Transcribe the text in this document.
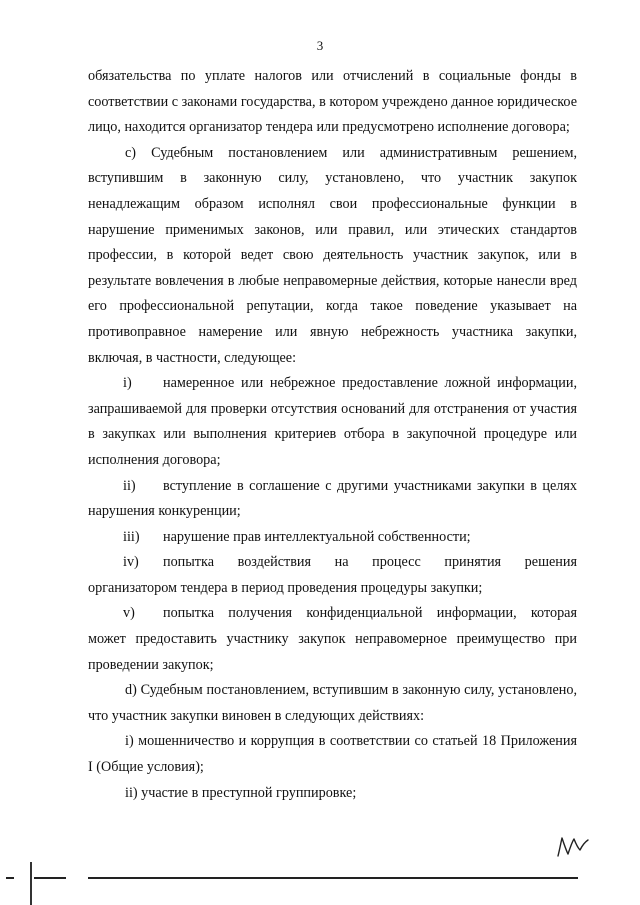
3

обязательства по уплате налогов или отчислений в социальные фонды в соответствии с законами государства, в котором учреждено данное юридическое лицо, находится организатор тендера или предусмотрено исполнение договора;

c) Судебным постановлением или административным решением, вступившим в законную силу, установлено, что участник закупок ненадлежащим образом исполнял свои профессиональные функции в нарушение применимых законов, или правил, или этических стандартов профессии, в которой ведет свою деятельность участник закупок, или в результате вовлечения в любые неправомерные действия, которые нанесли вред его профессиональной репутации, когда такое поведение указывает на противоправное намерение или явную небрежность участника закупки, включая, в частности, следующее:

i)	намеренное или небрежное предоставление ложной информации,

запрашиваемой для проверки отсутствия оснований для отстранения от участия в закупках или выполнения критериев отбора в закупочной процедуре или исполнения договора;

ii)	вступление в соглашение с другими участниками закупки в целях

нарушения конкуренции;

iii)	нарушение прав интеллектуальной собственности;
iv)	попытка воздействия на процесс принятия решения

организатором тендера в период проведения процедуры закупки;

v)	попытка получения конфиденциальной информации, которая

может предоставить участнику закупок неправомерное преимущество при проведении закупок;

d) Судебным постановлением, вступившим в законную силу, установлено, что участник закупки виновен в следующих действиях:

i) мошенничество и коррупция в соответствии со статьей 18 Приложения I (Общие условия);

ii) участие в преступной группировке;
